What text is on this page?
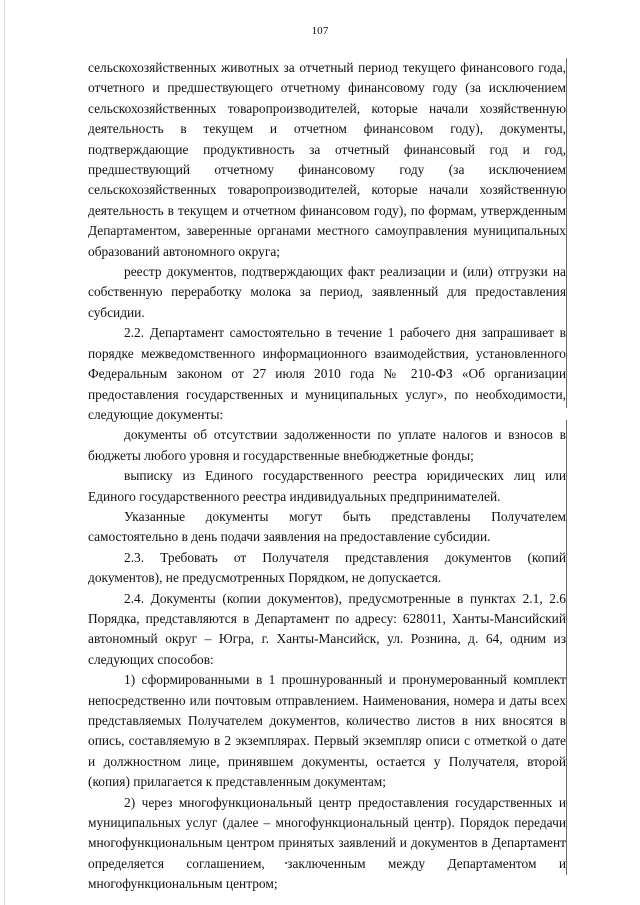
107

сельскохозяйственных животных за отчетный период текущего финансового года, отчетного и предшествующего отчетному финансовому году (за исключением сельскохозяйственных товаропроизводителей, которые начали хозяйственную деятельность в текущем и отчетном финансовом году), документы, подтверждающие продуктивность за отчетный финансовый год и год, предшествующий отчетному финансовому году (за исключением сельскохозяйственных товаропроизводителей, которые начали хозяйственную деятельность в текущем и отчетном финансовом году), по формам, утвержденным Департаментом, заверенные органами местного самоуправления муниципальных образований автономного округа;

реестр документов, подтверждающих факт реализации и (или) отгрузки на собственную переработку молока за период, заявленный для предоставления субсидии.

2.2. Департамент самостоятельно в течение 1 рабочего дня запрашивает в порядке межведомственного информационного взаимодействия, установленного Федеральным законом от 27 июля 2010 года № 210-ФЗ «Об организации предоставления государственных и муниципальных услуг», по необходимости, следующие документы:

документы об отсутствии задолженности по уплате налогов и взносов в бюджеты любого уровня и государственные внебюджетные фонды;

выписку из Единого государственного реестра юридических лиц или Единого государственного реестра индивидуальных предпринимателей.

Указанные документы могут быть представлены Получателем самостоятельно в день подачи заявления на предоставление субсидии.

2.3. Требовать от Получателя представления документов (копий документов), не предусмотренных Порядком, не допускается.

2.4. Документы (копии документов), предусмотренные в пунктах 2.1, 2.6 Порядка, представляются в Департамент по адресу: 628011, Ханты-Мансийский автономный округ – Югра, г. Ханты-Мансийск, ул. Рознина, д. 64, одним из следующих способов:

1) сформированными в 1 прошнурованный и пронумерованный комплект непосредственно или почтовым отправлением. Наименования, номера и даты всех представляемых Получателем документов, количество листов в них вносятся в опись, составляемую в 2 экземплярах. Первый экземпляр описи с отметкой о дате и должностном лице, принявшем документы, остается у Получателя, второй (копия) прилагается к представленным документам;

2) через многофункциональный центр предоставления государственных и муниципальных услуг (далее – многофункциональный центр). Порядок передачи многофункциональным центром принятых заявлений и документов в Департамент определяется соглашением, заключенным между Департаментом и многофункциональным центром;
